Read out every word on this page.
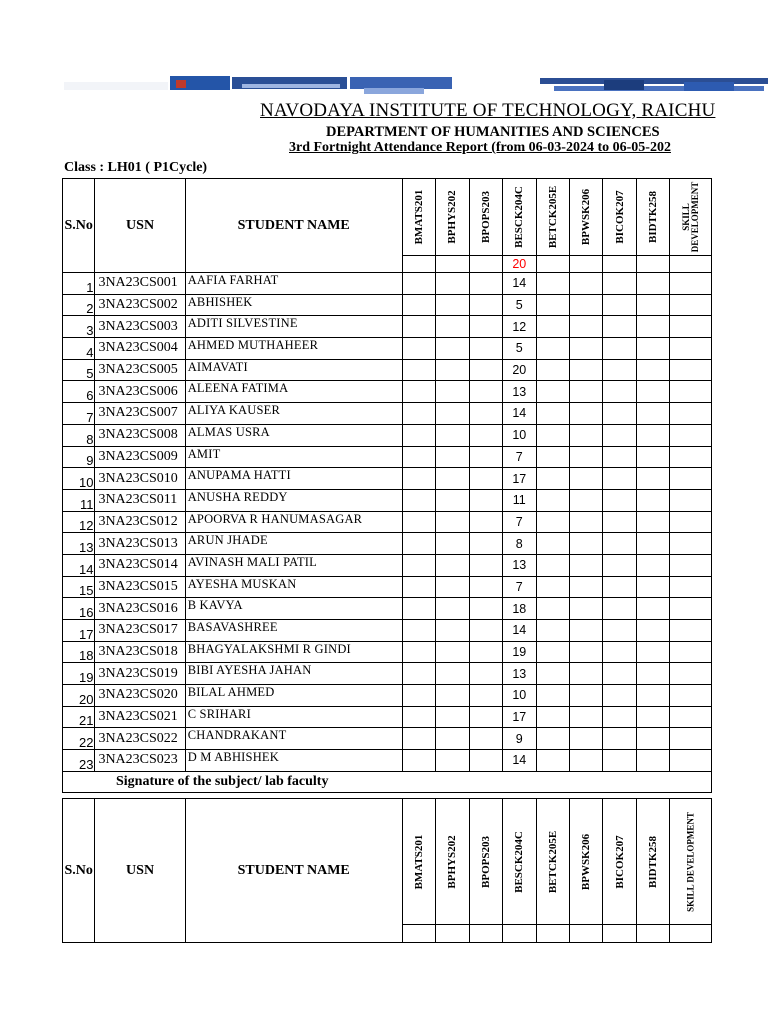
NAVODAYA INSTITUTE OF TECHNOLOGY, RAICHU
DEPARTMENT OF HUMANITIES AND SCIENCES
3rd Fortnight Attendance Report (from 06-03-2024 to 06-05-202
Class : LH01 ( P1Cycle)
S.No	USN	STUDENT NAME	BMATS201	BPHYS202	BPOPS203	BESCK204C	BETCK205E	BPWSK206	BICOK207	BIDTK258	SKILL
DEVELOPMENT

						20					
1	3NA23CS001	AAFIA FARHAT				14					
2	3NA23CS002	ABHISHEK				5					
3	3NA23CS003	ADITI SILVESTINE				12					
4	3NA23CS004	AHMED MUTHAHEER				5					
5	3NA23CS005	AIMAVATI				20					
6	3NA23CS006	ALEENA FATIMA				13					
7	3NA23CS007	ALIYA KAUSER				14					
8	3NA23CS008	ALMAS USRA				10					
9	3NA23CS009	AMIT				7					
10	3NA23CS010	ANUPAMA HATTI				17					
11	3NA23CS011	ANUSHA REDDY				11					
12	3NA23CS012	APOORVA R HANUMASAGAR				7					
13	3NA23CS013	ARUN JHADE				8					
14	3NA23CS014	AVINASH MALI PATIL				13					
15	3NA23CS015	AYESHA MUSKAN				7					
16	3NA23CS016	B KAVYA				18					
17	3NA23CS017	BASAVASHREE				14					
18	3NA23CS018	BHAGYALAKSHMI R GINDI				19					
19	3NA23CS019	BIBI AYESHA JAHAN				13					
20	3NA23CS020	BILAL AHMED				10					
21	3NA23CS021	C SRIHARI				17					
22	3NA23CS022	CHANDRAKANT				9					
23	3NA23CS023	D M ABHISHEK				14					
Signature of the subject/ lab faculty											
S.No	USN	STUDENT NAME	BMATS201	BPHYS202	BPOPS203	BESCK204C	BETCK205E	BPWSK206	BICOK207	BIDTK258	SKILL DEVELOPMENT
